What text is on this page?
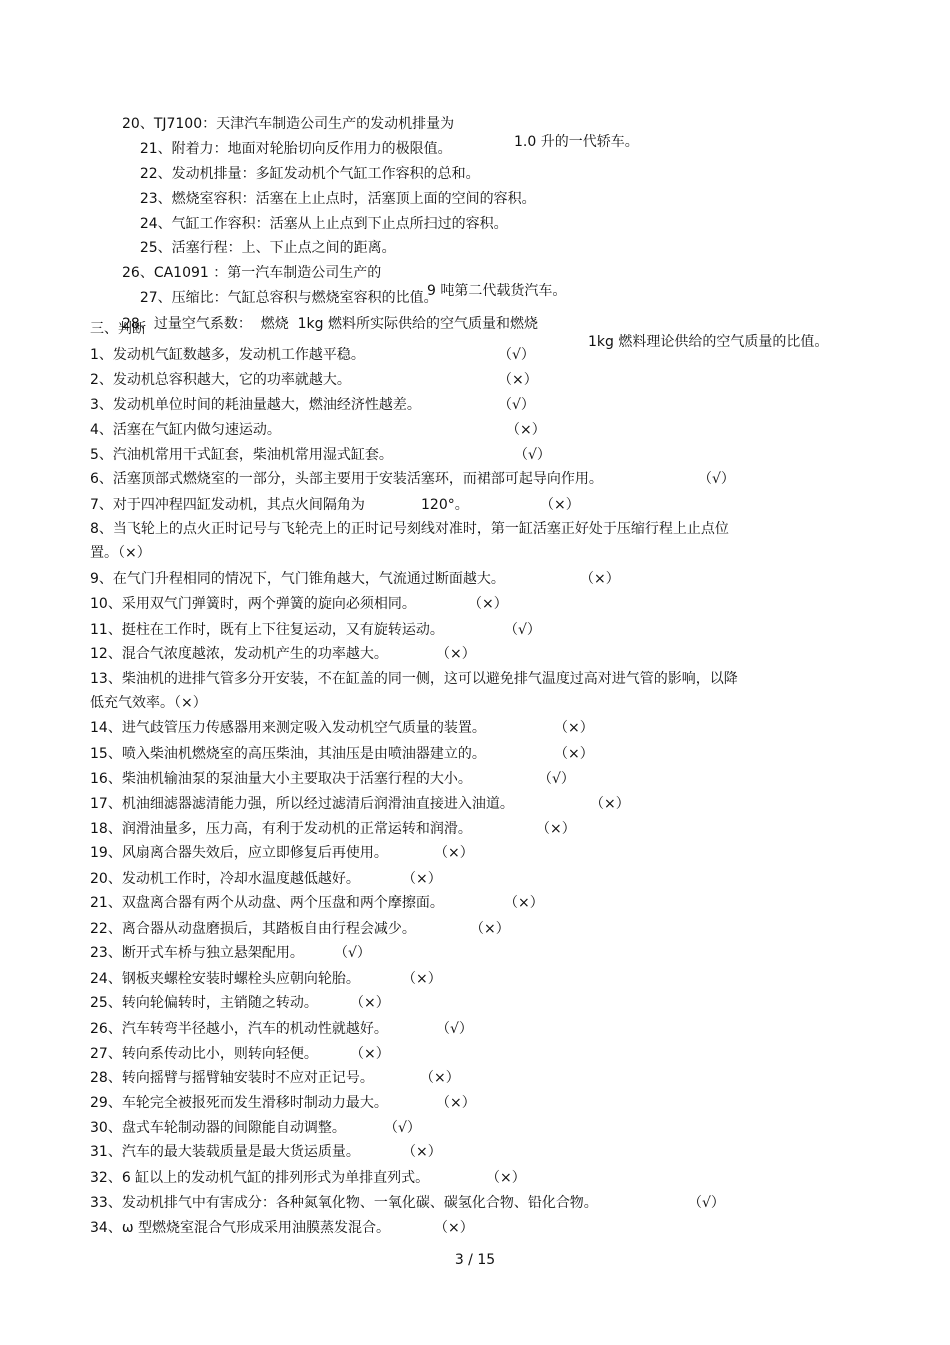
20、TJ7100：天津汽车制造公司生产的发动机排量为

1.0 升的一代轿车。

21、附着力：地面对轮胎切向反作用力的极限值。

22、发动机排量：多缸发动机个气缸工作容积的总和。

23、燃烧室容积：活塞在上止点时，活塞顶上面的空间的容积。

24、气缸工作容积：活塞从上止点到下止点所扫过的容积。

25、活塞行程：上、下止点之间的距离。

26、CA1091 ：第一汽车制造公司生产的

9 吨第二代载货汽车。

27、压缩比：气缸总容积与燃烧室容积的比值。

28、过量空气系数：  燃烧  1kg 燃料所实际供给的空气质量和燃烧

1kg 燃料理论供给的空气质量的比值。

三、判断
1、发动机气缸数越多，发动机工作越平稳。	（√）
2、发动机总容积越大，它的功率就越大。	（×）
3、发动机单位时间的耗油量越大，燃油经济性越差。	（√）
4、活塞在气缸内做匀速运动。	（×）
5、汽油机常用干式缸套，柴油机常用湿式缸套。	（√）
6、活塞顶部式燃烧室的一部分，头部主要用于安装活塞环，而裙部可起导向作用。	（√）
7、对于四冲程四缸发动机，其点火间隔角为	120°。	（×）
8、当飞轮上的点火正时记号与飞轮壳上的正时记号刻线对准时，第一缸活塞正好处于压缩行程上止点位
置。（×）
9、在气门升程相同的情况下，气门锥角越大，气流通过断面越大。	（×）
10、采用双气门弹簧时，两个弹簧的旋向必须相同。	（×）
11、挺柱在工作时，既有上下往复运动，又有旋转运动。	（√）
12、混合气浓度越浓，发动机产生的功率越大。	（×）
13、柴油机的进排气管多分开安装，不在缸盖的同一侧，这可以避免排气温度过高对进气管的影响，以降
低充气效率。（×）
14、进气歧管压力传感器用来测定吸入发动机空气质量的装置。	（×）
15、喷入柴油机燃烧室的高压柴油，其油压是由喷油器建立的。	（×）
16、柴油机输油泵的泵油量大小主要取决于活塞行程的大小。	（√）
17、机油细滤器滤清能力强，所以经过滤清后润滑油直接进入油道。	（×）
18、润滑油量多，压力高，有利于发动机的正常运转和润滑。	（×）
19、风扇离合器失效后，应立即修复后再使用。	（×）
20、发动机工作时，冷却水温度越低越好。	（×）
21、双盘离合器有两个从动盘、两个压盘和两个摩擦面。	（×）
22、离合器从动盘磨损后，其踏板自由行程会减少。	（×）
23、断开式车桥与独立悬架配用。 （√）
24、钢板夹螺栓安装时螺栓头应朝向轮胎。	（×）
25、转向轮偏转时，主销随之转动。 （×）
26、汽车转弯半径越小，汽车的机动性就越好。	（√）
27、转向系传动比小，则转向轻便。 （×）
28、转向摇臂与摇臂轴安装时不应对正记号。	（×）
29、车轮完全被报死而发生滑移时制动力最大。	（×）
30、盘式车轮制动器的间隙能自动调整。	（√）
31、汽车的最大装载质量是最大货运质量。	（×）
32、6 缸以上的发动机气缸的排列形式为单排直列式。	（×）
33、发动机排气中有害成分：各种氮氧化物、一氧化碳、碳氢化合物、铅化合物。	（√）
34、ω 型燃烧室混合气形成采用油膜蒸发混合。	（×）
3 / 15
